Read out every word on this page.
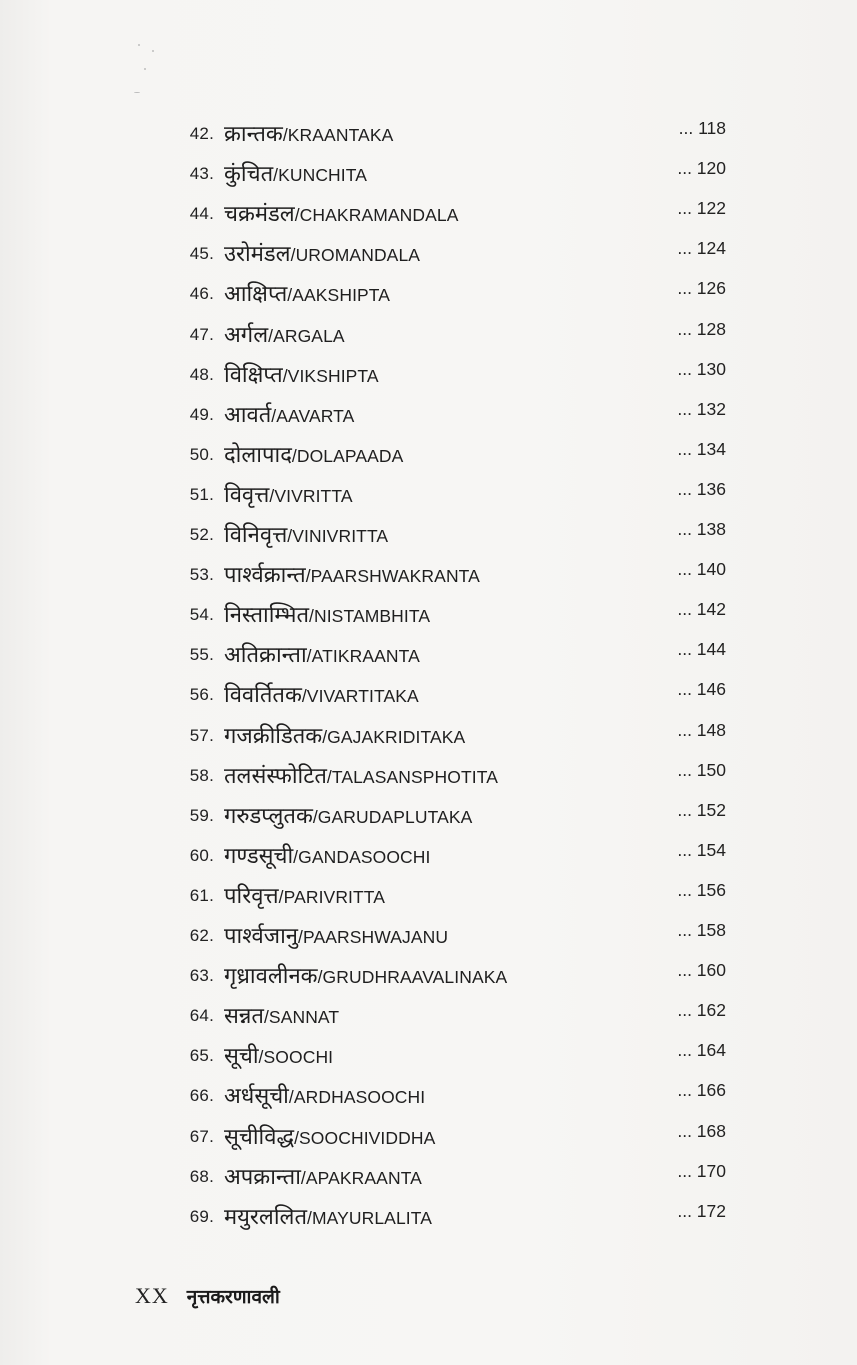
42. क्रान्तक/KRAANTAKA	... 118
43. कुंचित/KUNCHITA	... 120
44. चक्रमंडल/CHAKRAMANDALA	... 122
45. उरोमंडल/UROMANDALA	... 124
46. आक्षिप्त/AAKSHIPTA	... 126
47. अर्गल/ARGALA	... 128
48. विक्षिप्त/VIKSHIPTA	... 130
49. आवर्त/AAVARTA	... 132
50. दोलापाद/DOLAPAADA	... 134
51. विवृत्त/VIVRITTA	... 136
52. विनिवृत्त/VINIVRITTA	... 138
53. पार्श्वक्रान्त/PAARSHWAKRANTA	... 140
54. निस्ताम्भित/NISTAMBHITA	... 142
55. अतिक्रान्ता/ATIKRAANTA	... 144
56. विवर्तितक/VIVARTITAKA	... 146
57. गजक्रीडितक/GAJAKRIDITAKA	... 148
58. तलसंस्फोटित/TALASANSPHOTITA	... 150
59. गरुडप्लुतक/GARUDAPLUTAKA	... 152
60. गण्डसूची/GANDASOOCHI	... 154
61. परिवृत्त/PARIVRITTA	... 156
62. पार्श्वजानु/PAARSHWAJANU	... 158
63. गृध्रावलीनक/GRUDHRAAVALINAKA	... 160
64. सन्नत/SANNAT	... 162
65. सूची/SOOCHI	... 164
66. अर्धसूची/ARDHASOOCHI	... 166
67. सूचीविद्ध/SOOCHIVIDDHA	... 168
68. अपक्रान्ता/APAKRAANTA	... 170
69. मयुरललित/MAYURLALITA	... 172
XX नृत्तकरणावली
